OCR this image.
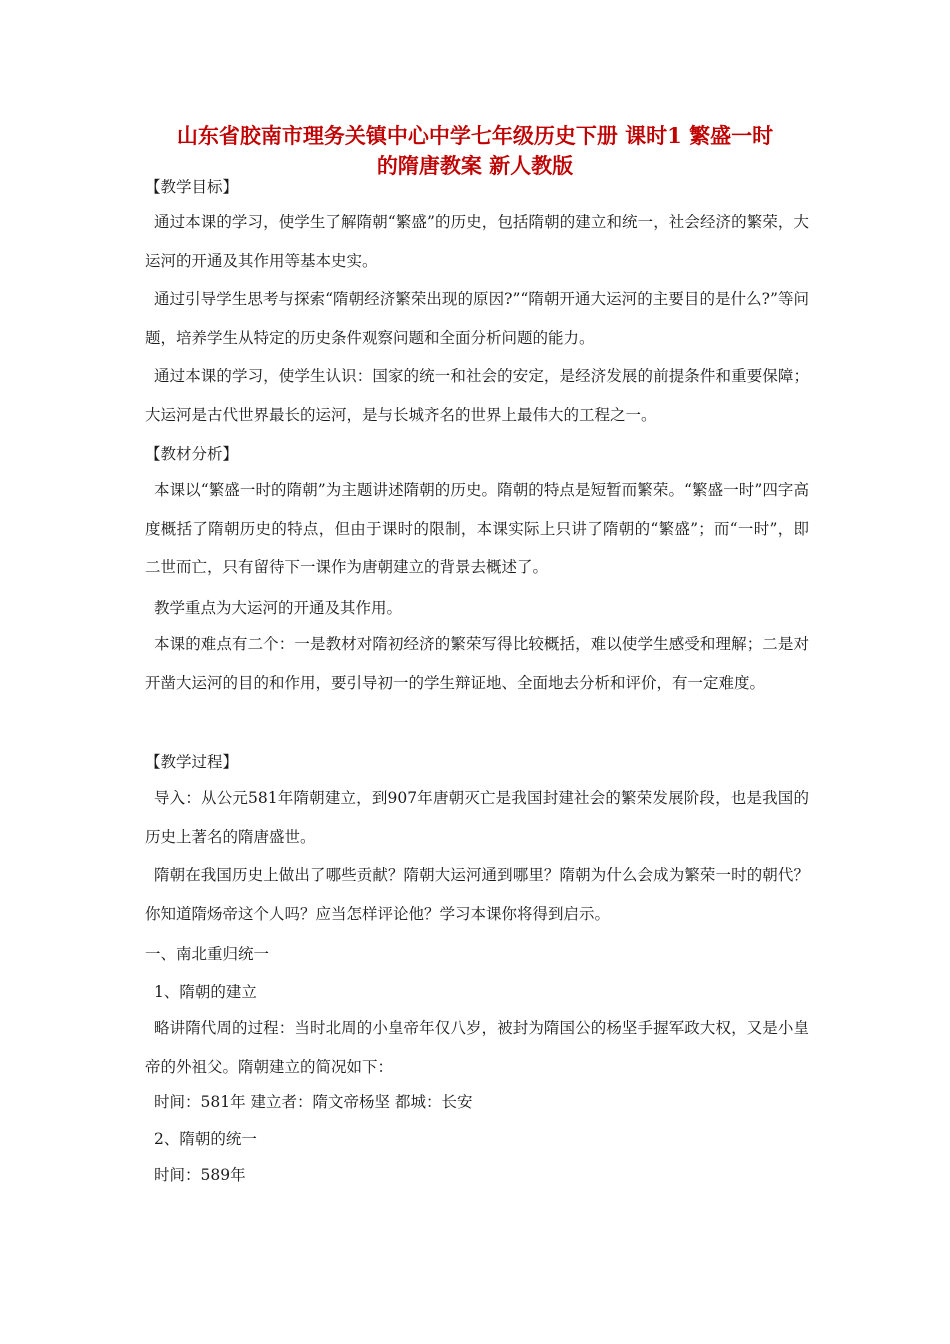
山东省胶南市理务关镇中心中学七年级历史下册 课时1 繁盛一时
的隋唐教案 新人教版
【教学目标】

通过本课的学习，使学生了解隋朝“繁盛”的历史，包括隋朝的建立和统一，社会经济的繁荣，大运河的开通及其作用等基本史实。

通过引导学生思考与探索“隋朝经济繁荣出现的原因?”“隋朝开通大运河的主要目的是什么?”等问题，培养学生从特定的历史条件观察问题和全面分析问题的能力。

通过本课的学习，使学生认识：国家的统一和社会的安定，是经济发展的前提条件和重要保障；大运河是古代世界最长的运河，是与长城齐名的世界上最伟大的工程之一。

【教材分析】

本课以“繁盛一时的隋朝”为主题讲述隋朝的历史。隋朝的特点是短暂而繁荣。“繁盛一时”四字高度概括了隋朝历史的特点，但由于课时的限制，本课实际上只讲了隋朝的“繁盛”；而“一时”，即二世而亡，只有留待下一课作为唐朝建立的背景去概述了。

教学重点为大运河的开通及其作用。

本课的难点有二个：一是教材对隋初经济的繁荣写得比较概括，难以使学生感受和理解；二是对开凿大运河的目的和作用，要引导初一的学生辩证地、全面地去分析和评价，有一定难度。

【教学过程】

导入：从公元581年隋朝建立，到907年唐朝灭亡是我国封建社会的繁荣发展阶段，也是我国的历史上著名的隋唐盛世。

隋朝在我国历史上做出了哪些贡献？隋朝大运河通到哪里？隋朝为什么会成为繁荣一时的朝代？你知道隋炀帝这个人吗？应当怎样评论他？学习本课你将得到启示。

一、南北重归统一
1、隋朝的建立

略讲隋代周的过程：当时北周的小皇帝年仅八岁，被封为隋国公的杨坚手握军政大权，又是小皇帝的外祖父。隋朝建立的简况如下：

时间：581年 建立者：隋文帝杨坚 都城：长安
2、隋朝的统一
时间：589年
